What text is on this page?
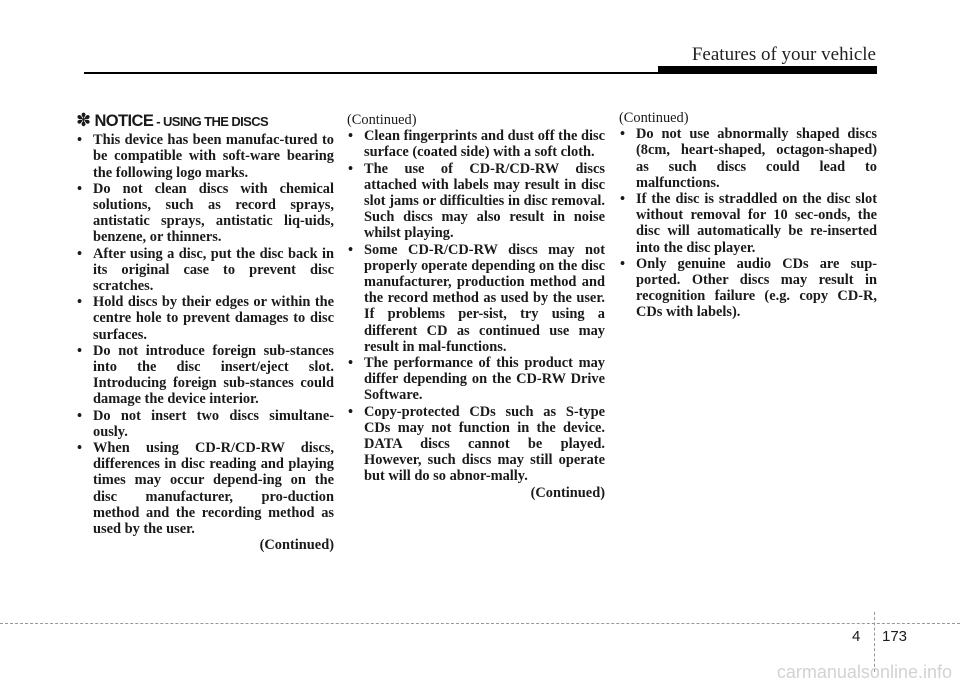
Features of your vehicle
✽ NOTICE - USING THE DISCS
• This device has been manufac-tured to be compatible with soft-ware bearing the following logo marks.
• Do not clean discs with chemical solutions, such as record sprays, antistatic sprays, antistatic liq-uids, benzene, or thinners.
• After using a disc, put the disc back in its original case to prevent disc scratches.
• Hold discs by their edges or within the centre hole to prevent damages to disc surfaces.
• Do not introduce foreign sub-stances into the disc insert/eject slot. Introducing foreign sub-stances could damage the device interior.
• Do not insert two discs simultane-ously.
• When using CD-R/CD-RW discs, differences in disc reading and playing times may occur depend-ing on the disc manufacturer, pro-duction method and the recording method as used by the user.
(Continued)
(Continued)
• Clean fingerprints and dust off the disc surface (coated side) with a soft cloth.
• The use of CD-R/CD-RW discs attached with labels may result in disc slot jams or difficulties in disc removal. Such discs may also result in noise whilst playing.
• Some CD-R/CD-RW discs may not properly operate depending on the disc manufacturer, production method and the record method as used by the user. If problems per-sist, try using a different CD as continued use may result in mal-functions.
• The performance of this product may differ depending on the CD-RW Drive Software.
• Copy-protected CDs such as S-type CDs may not function in the device. DATA discs cannot be played. However, such discs may still operate but will do so abnor-mally.
(Continued)
(Continued)
• Do not use abnormally shaped discs (8cm, heart-shaped, octagon-shaped) as such discs could lead to malfunctions.
• If the disc is straddled on the disc slot without removal for 10 sec-onds, the disc will automatically be re-inserted into the disc player.
• Only genuine audio CDs are sup-ported. Other discs may result in recognition failure (e.g. copy CD-R, CDs with labels).
4 173
carmanualsonline.info
